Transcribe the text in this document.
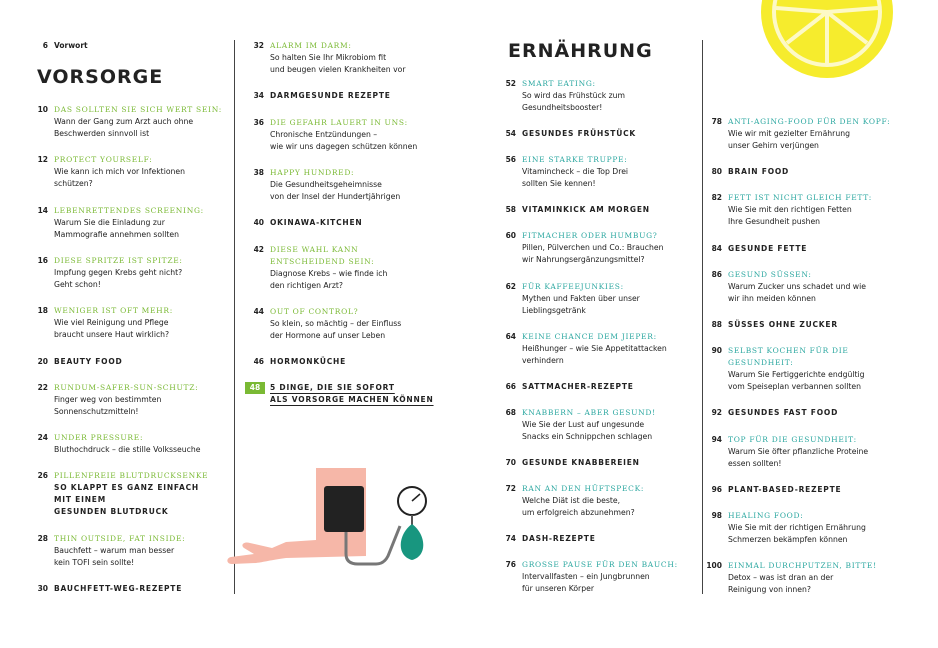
6 Vorwort
VORSORGE
ERNÄHRUNG
10 DAS SOLLTEN SIE SICH WERT SEIN:
Wann der Gang zum Arzt auch ohne
Beschwerden sinnvoll ist
12 PROTECT YOURSELF:
Wie kann ich mich vor Infektionen
schützen?
14 LEBENRETTENDES SCREENING:
Warum Sie die Einladung zur
Mammografie annehmen sollten
16 DIESE SPRITZE IST SPITZE:
Impfung gegen Krebs geht nicht?
Geht schon!
18 WENIGER IST OFT MEHR:
Wie viel Reinigung und Pflege
braucht unsere Haut wirklich?
20 BEAUTY FOOD
22 RUNDUM-SAFER-SUN-SCHUTZ:
Finger weg von bestimmten
Sonnenschutzmitteln!
24 UNDER PRESSURE:
Bluthochdruck – die stille Volksseuche
26 PILLENFREIE BLUTDRUCKSENKE
SO KLAPPT ES GANZ EINFACH
MIT EINEM
GESUNDEN BLUTDRUCK
28 THIN OUTSIDE, FAT INSIDE:
Bauchfett – warum man besser
kein TOFI sein sollte!
30 BAUCHFETT-WEG-REZEPTE
32 ALARM IM DARM:
So halten Sie Ihr Mikrobiom fit
und beugen vielen Krankheiten vor
34 DARMGESUNDE REZEPTE
36 DIE GEFAHR LAUERT IN UNS:
Chronische Entzündungen –
wie wir uns dagegen schützen können
38 HAPPY HUNDRED:
Die Gesundheitsgeheimnisse
von der Insel der Hundertjährigen
40 OKINAWA-KITCHEN
42 DIESE WAHL KANN
ENTSCHEIDEND SEIN:
Diagnose Krebs – wie finde ich
den richtigen Arzt?
44 OUT OF CONTROL?
So klein, so mächtig – der Einfluss
der Hormone auf unser Leben
46 HORMONKÜCHE
48	5 DINGE, DIE SIE SOFORT
ALS VORSORGE MACHEN KÖNNEN
52 SMART EATING:
So wird das Frühstück zum
Gesundheitsbooster!
54 GESUNDES FRÜHSTÜCK
56 EINE STARKE TRUPPE:
Vitamincheck – die Top Drei
sollten Sie kennen!
58 VITAMINKICK AM MORGEN
60 FITMACHER ODER HUMBUG?
Pillen, Pülverchen und Co.: Brauchen
wir Nahrungsergänzungsmittel?
62 FÜR KAFFEEJUNKIES:
Mythen und Fakten über unser
Lieblingsgetränk
64 KEINE CHANCE DEM JIEPER:
Heißhunger – wie Sie Appetitattacken
verhindern
66 SATTMACHER-REZEPTE
68 KNABBERN – ABER GESUND!
Wie Sie der Lust auf ungesunde
Snacks ein Schnippchen schlagen
70 GESUNDE KNABBEREIEN
72 RAN AN DEN HÜFTSPECK:
Welche Diät ist die beste,
um erfolgreich abzunehmen?
74 DASH-REZEPTE
76 GROSSE PAUSE FÜR DEN BAUCH:
Intervallfasten – ein Jungbrunnen
für unseren Körper
78 ANTI-AGING-FOOD FÜR DEN KOPF:
Wie wir mit gezielter Ernährung
unser Gehirn verjüngen
80 BRAIN FOOD
82 FETT IST NICHT GLEICH FETT:
Wie Sie mit den richtigen Fetten
Ihre Gesundheit pushen
84 GESUNDE FETTE
86 GESUND SÜSSEN:
Warum Zucker uns schadet und wie
wir ihn meiden können
88 SÜSSES OHNE ZUCKER
90 SELBST KOCHEN FÜR DIE
GESUNDHEIT:
Warum Sie Fertiggerichte endgültig
vom Speiseplan verbannen sollten
92 GESUNDES FAST FOOD
94 TOP FÜR DIE GESUNDHEIT:
Warum Sie öfter pflanzliche Proteine
essen sollten!
96 PLANT-BASED-REZEPTE
98 HEALING FOOD:
Wie Sie mit der richtigen Ernährung
Schmerzen bekämpfen können
100 EINMAL DURCHPUTZEN, BITTE!
Detox – was ist dran an der
Reinigung von innen?
